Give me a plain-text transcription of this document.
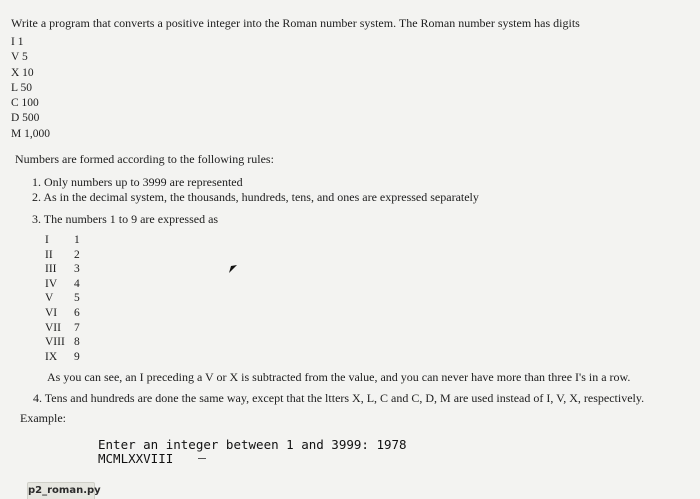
Write a program that converts a positive integer into the Roman number system. The Roman number system has digits
I 1
V 5
X 10
L 50
C 100
D 500
M 1,000
Numbers are formed according to the following rules:
1. Only numbers up to 3999 are represented
2. As in the decimal system, the thousands, hundreds, tens, and ones are expressed separately
3. The numbers 1 to 9 are expressed as
I	1
II	2
III	3
IV	4
V	5
VI	6
VII	7
VIII 8
IX	9
As you can see, an I preceding a V or X is subtracted from the value, and you can never have more than three I's in a row.
4. Tens and hundreds are done the same way, except that the ltters X, L, C and C, D, M are used instead of I, V, X, respectively.
Example:
Enter an integer between 1 and 3999: 1978
MCMLXXVIII
p2_roman.py
